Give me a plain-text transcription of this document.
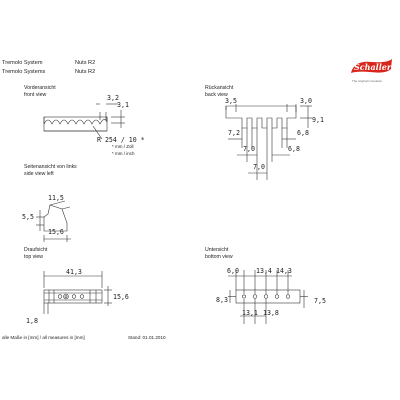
Tremolo System
Tremolo Systems
Nuts R2
Nuts R2	Schaller
The original innovation
Vorderansicht
front view
Rückansicht
back view
Seitenansicht von links
side view left
Draufsicht
top view
Untersicht
bottom view
* mm / Zoll
* mm / inch
3,2
3,1
R 254 / 10 *
3,5	3,0
9,1
7,2	6,8
7,0	6,8
7,0
11,5
5,5
15,6
41,3
15,6
1,8
6,0	13,4 14,3
8,3	7,5
13,1 13,8
alle Maße in [mm] / all measures in [mm]	Stand: 01.01.2010
